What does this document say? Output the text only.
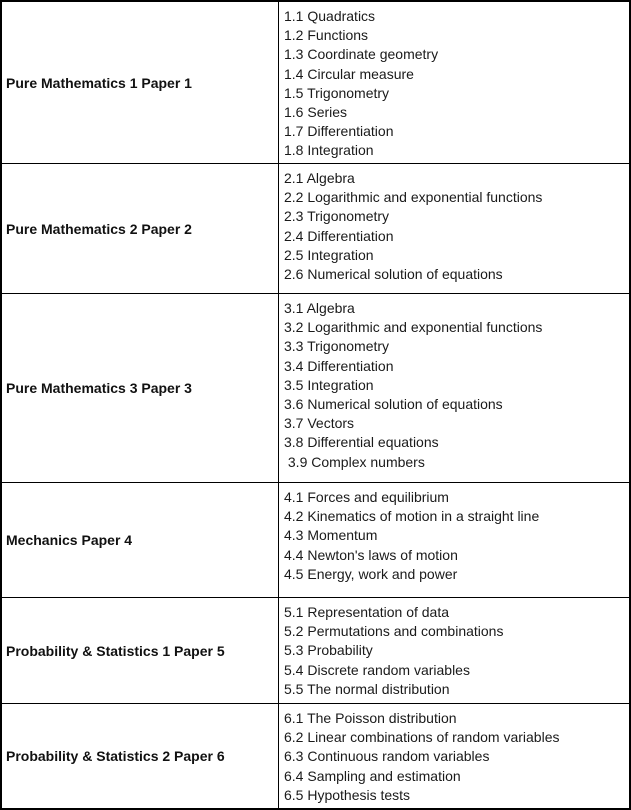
Pure Mathematics 1 Paper 1
1.1 Quadratics
1.2 Functions
1.3 Coordinate geometry
1.4 Circular measure
1.5 Trigonometry
1.6 Series
1.7 Differentiation
1.8 Integration
Pure Mathematics 2 Paper 2
2.1 Algebra
2.2 Logarithmic and exponential functions
2.3 Trigonometry
2.4 Differentiation
2.5 Integration
2.6 Numerical solution of equations
Pure Mathematics 3 Paper 3
3.1 Algebra
3.2 Logarithmic and exponential functions
3.3 Trigonometry
3.4 Differentiation
3.5 Integration
3.6 Numerical solution of equations
3.7 Vectors
3.8 Differential equations
3.9 Complex numbers
Mechanics Paper 4
4.1 Forces and equilibrium
4.2 Kinematics of motion in a straight line
4.3 Momentum
4.4 Newton's laws of motion
4.5 Energy, work and power
Probability & Statistics 1 Paper 5
5.1 Representation of data
5.2 Permutations and combinations
5.3 Probability
5.4 Discrete random variables
5.5 The normal distribution
Probability & Statistics 2 Paper 6
6.1 The Poisson distribution
6.2 Linear combinations of random variables
6.3 Continuous random variables
6.4 Sampling and estimation
6.5 Hypothesis tests
